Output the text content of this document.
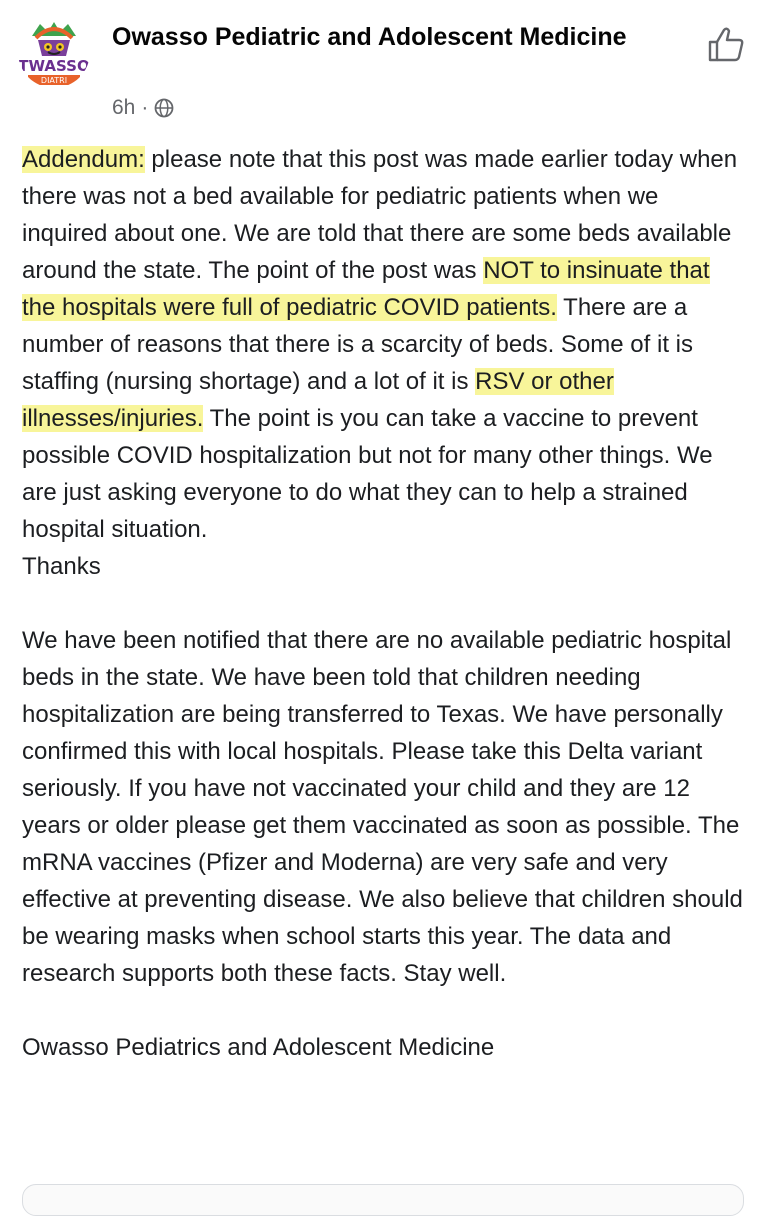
TWASSO
DIATRI
Owasso Pediatric and Adolescent Medicine
6h ·

Addendum: please note that this post was made earlier today when there was not a bed available for pediatric patients when we inquired about one. We are told that there are some beds available around the state. The point of the post was NOT to insinuate that the hospitals were full of pediatric COVID patients. There are a number of reasons that there is a scarcity of beds. Some of it is staffing (nursing shortage) and a lot of it is RSV or other illnesses/injuries. The point is you can take a vaccine to prevent possible COVID hospitalization but not for many other things. We are just asking everyone to do what they can to help a strained hospital situation.

Thanks

We have been notified that there are no available pediatric hospital beds in the state. We have been told that children needing hospitalization are being transferred to Texas. We have personally confirmed this with local hospitals. Please take this Delta variant seriously. If you have not vaccinated your child and they are 12 years or older please get them vaccinated as soon as possible. The mRNA vaccines (Pfizer and Moderna) are very safe and very effective at preventing disease. We also believe that children should be wearing masks when school starts this year. The data and research supports both these facts. Stay well.

Owasso Pediatrics and Adolescent Medicine
